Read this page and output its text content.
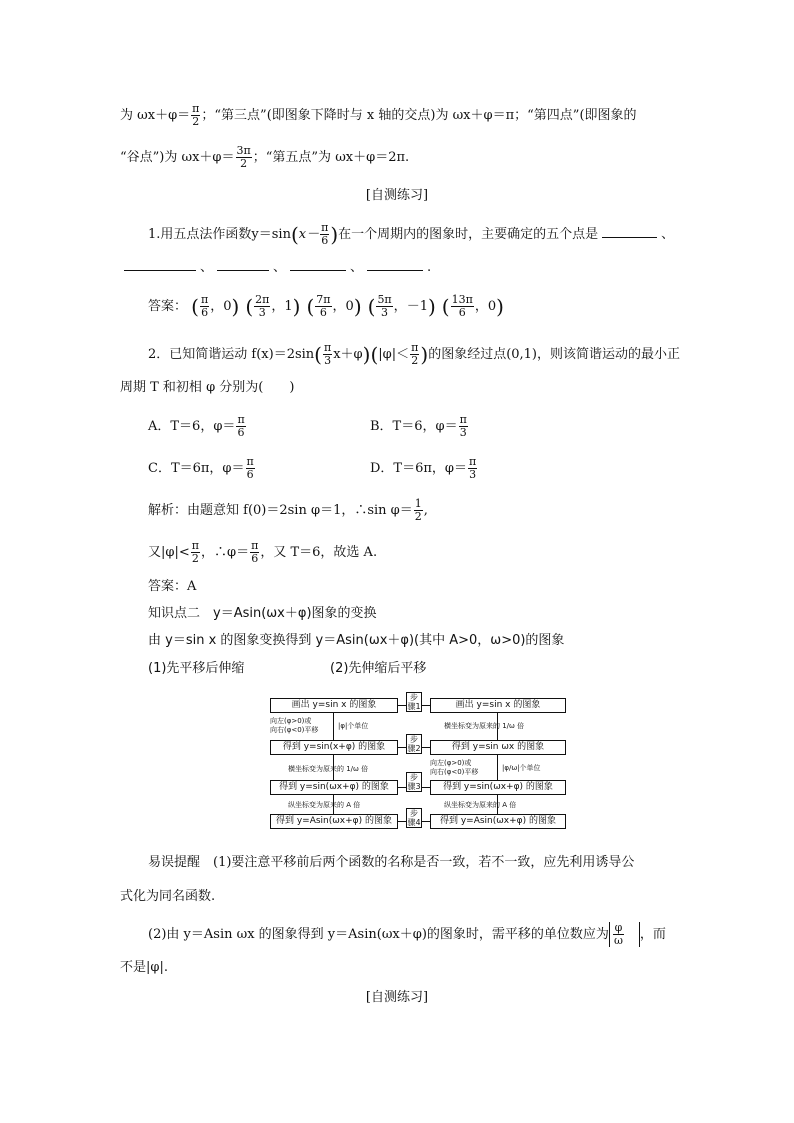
为 $\omega x+\varphi= \frac{\pi}{2}$ ；“第三点”(即图象下降时与 x 轴的交点)为 ωx＋φ＝π；“第四点”(即图象的
“谷点”)为 $\omega x+\varphi= \frac{3\pi}{2}$ ；“第五点”为 ωx＋φ＝2π.
[自测练习]
1.用五点法作函数$y=\sin(x- \frac{\pi}{6}$ )在一个周期内的图象时，主要确定的五个点是	、
、	、	、	.
答案： ( $\frac{\pi}{6}$ ，0) ( $\frac{2\pi}{3}$ ，1) ( $\frac{7\pi}{6}$ ，0) ( $\frac{5\pi}{3}$ ，－1) ( $\frac{13\pi}{6}$ ，0)
2．已知简谐运动 $f(x)=2\sin( \frac{\pi}{3} x+\varphi)(|\varphi|< \frac{\pi}{2}$ )的图象经过点(0,1)，则该简谐运动的最小正
周期 T 和初相 φ 分别为(　　)
A．T＝6，$\varphi= \frac{\pi}{6}$	B．T＝6，$\varphi= \frac{\pi}{3}$
C．T＝6π，$\varphi= \frac{\pi}{6}$	D．T＝6π，$\varphi= \frac{\pi}{3}$
解析：由题意知 f(0)＝2sin φ＝1，∴sin $\varphi= \frac{1}{2}$ ,
又$|\varphi|< \frac{\pi}{2}$ ，∴φ＝ $\frac{\pi}{6}$ ，又 T＝6，故选 A.
答案：A
知识点二　y＝Asin(ωx＋φ)图象的变换
由 y＝sin x 的图象变换得到 y＝Asin(ωx＋φ)(其中 A>0，ω>0)的图象
(1)先平移后伸缩	(2)先伸缩后平移
画出 y=sin x 的图象
得到 y=sin(x+φ) 的图象
得到 y=sin(ωx+φ) 的图象
得到 y=Asin(ωx+φ) 的图象
向左(φ>0)或
向右(φ<0)平移	|φ|个单位
横坐标变为原来的 1/ω 倍
纵坐标变为原来的 A 倍
步骤1
步骤2
步骤3
步骤4
画出 y=sin x 的图象
得到 y=sin ωx 的图象
得到 y=sin(ωx+φ) 的图象
得到 y=Asin(ωx+φ) 的图象
横坐标变为原来的 1/ω 倍
向左(φ>0)或
向右(φ<0)平移	|φ/ω|个单位
纵坐标变为原来的 A 倍
易误提醒　(1)要注意平移前后两个函数的名称是否一致，若不一致，应先利用诱导公
式化为同名函数.
(2)由 y＝Asin ωx 的图象得到 y＝Asin(ωx＋φ)的图象时，需平移的单位数应为 $\frac{\varphi}{\omega}$ ，而
不是|φ|.
[自测练习]
